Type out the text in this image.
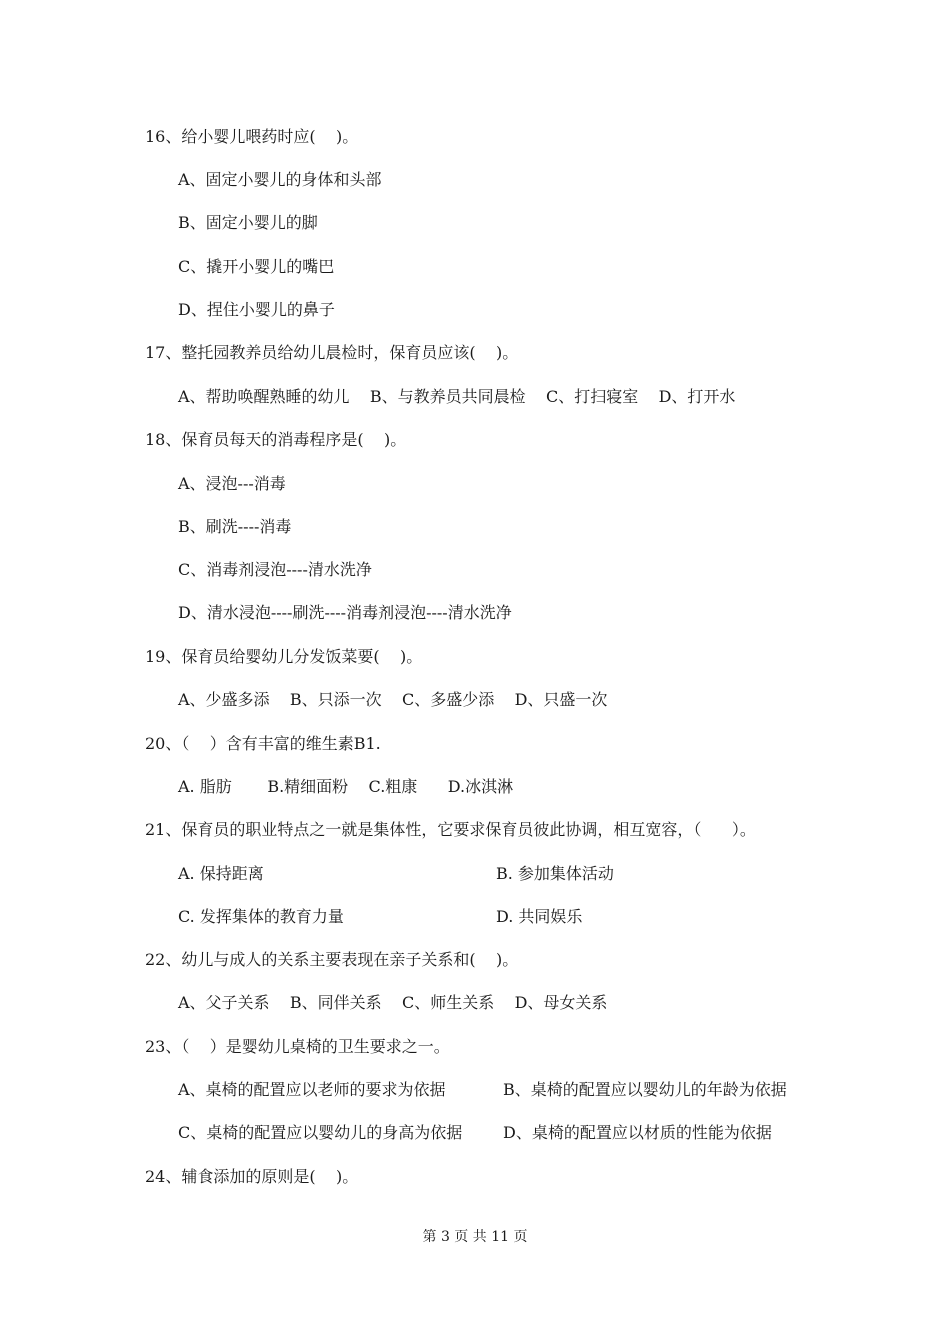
16、给小婴儿喂药时应(    )。
A、固定小婴儿的身体和头部
B、固定小婴儿的脚
C、撬开小婴儿的嘴巴
D、捏住小婴儿的鼻子
17、整托园教养员给幼儿晨检时，保育员应该(    )。
A、帮助唤醒熟睡的幼儿    B、与教养员共同晨检    C、打扫寝室    D、打开水
18、保育员每天的消毒程序是(    )。
A、浸泡---消毒
B、刷洗----消毒
C、消毒剂浸泡----清水洗净
D、清水浸泡----刷洗----消毒剂浸泡----清水洗净
19、保育员给婴幼儿分发饭菜要(    )。
A、少盛多添    B、只添一次    C、多盛少添    D、只盛一次
20、（    ）含有丰富的维生素B1.
A. 脂肪       B.精细面粉    C.粗康      D.冰淇淋
21、保育员的职业特点之一就是集体性，它要求保育员彼此协调，相互宽容，（      ）。
A. 保持距离	B. 参加集体活动
C. 发挥集体的教育力量	D. 共同娱乐
22、幼儿与成人的关系主要表现在亲子关系和(    )。
A、父子关系    B、同伴关系    C、师生关系    D、母女关系
23、（    ）是婴幼儿桌椅的卫生要求之一。
A、桌椅的配置应以老师的要求为依据	B、桌椅的配置应以婴幼儿的年龄为依据
C、桌椅的配置应以婴幼儿的身高为依据	D、桌椅的配置应以材质的性能为依据
24、辅食添加的原则是(    )。
第 3 页 共 11 页
